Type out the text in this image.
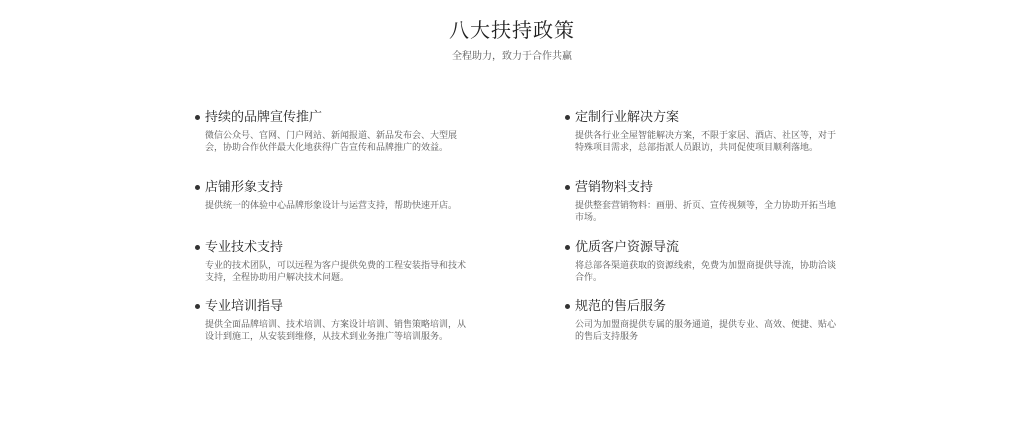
八大扶持政策
全程助力，致力于合作共赢
持续的品牌宣传推广
微信公众号、官网、门户网站、新闻报道、新品发布会、大型展会，协助合作伙伴最大化地获得广告宣传和品牌推广的效益。
定制行业解决方案
提供各行业全屋智能解决方案，不限于家居、酒店、社区等，对于特殊项目需求，总部指派人员跟访，共同促使项目顺利落地。
店铺形象支持
提供统一的体验中心品牌形象设计与运营支持，帮助快速开店。
营销物料支持
提供整套营销物料：画册、折页、宣传视频等，全力协助开拓当地市场。
专业技术支持
专业的技术团队，可以远程为客户提供免费的工程安装指导和技术支持，全程协助用户解决技术问题。
优质客户资源导流
将总部各渠道获取的资源线索，免费为加盟商提供导流，协助洽谈合作。
专业培训指导
提供全面品牌培训、技术培训、方案设计培训、销售策略培训，从设计到施工，从安装到维修，从技术到业务推广等培训服务。
规范的售后服务
公司为加盟商提供专属的服务通道，提供专业、高效、便捷、贴心的售后支持服务
